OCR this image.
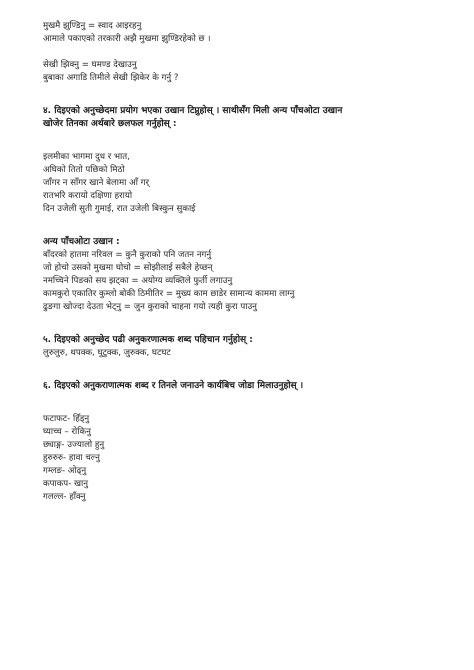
मुखमै झुण्डिनु = स्वाद आइरहनु
आमाले पकाएको तरकारी अझै मुखमा झुण्डिरहेको छ ।
सेखी झिक्नु = घमण्ड देखाउनु
बुबाका अगाडि तिमीले सेखी झिकेर के गर्नु ?
४. दिइएको अनुच्छेदमा प्रयोग भएका उखान टिप्नुहोस् । साथीसँग मिली अन्य पाँचओटा उखान
खोजेर तिनका अर्थबारे छलफल गर्नुहोस् :
इलमीका भागमा दुध र भात,
अघिको तितो पछिको मिठो
जाँगर न साँगर खाने बेलामा आँ गर्
रातभरि करायो दक्षिणा हरायो
दिन उजेली सुती गुमाई, रात उजेली बिस्कुन सुकाई
अन्य पाँचओटा उखान :
बाँदरको हातमा नरिवल = कुनै कुराको पनि जतन नगर्नु
जो होचो उसको मुखमा घोचो = सोझीलाई सबैले हेप्छन्
नमच्चिने पिङको सय झट्का = अयोग्य व्यक्तिले फुर्ती लगाउनु
कामकुरो एकातिर कुम्लो बोकी ठिमीतिर = मुख्य काम छाडेर सामान्य काममा लाग्नु
ढुङगा खोज्दा देउता भेट्नु = जुन कुराको चाहना गयो त्यही कुरा पाउनु
५. दिइएको अनुच्छेद पढी अनुकरणात्मक शब्द पहिचान गर्नुहोस् :
लुरुलुरु, थपक्क, घुटुक्क, जुरुक्क, घटघट
६. दिइएको अनुकराणात्मक शब्द र तिनले जनाउने कार्यबिच जोडा मिलाउनुहोस् ।
फटाफट- हिँड्नु
घ्याच्च – रोकिनु
छ्याङ्ग- उज्यालो हुनु
हुरुरुरु- हावा चल्नु
गम्लङ- ओढ्नु
कपाकप- खानु
गलल्ल- हाँक्नु
